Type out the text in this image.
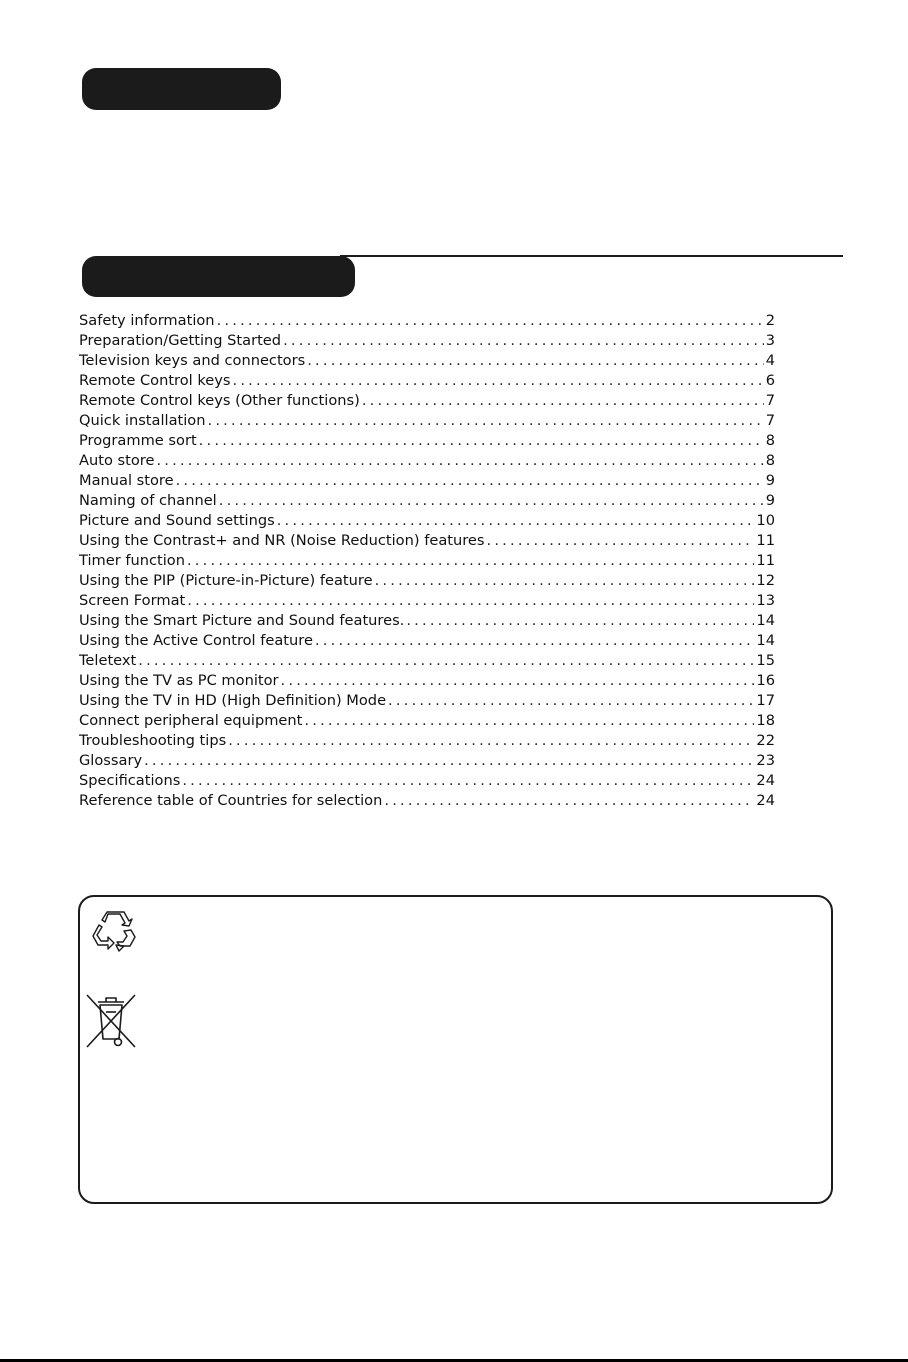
Safety information .....	2
Preparation/Getting Started .....	3
Television keys and connectors .....	4
Remote Control keys .....	6
Remote Control keys (Other functions) .....	7
Quick installation .....	7
Programme sort .....	8
Auto store .....	8
Manual store .....	9
Naming of channel .....	9
Picture and Sound settings .....	10
Using the Contrast+ and NR (Noise Reduction) features .....	11
Timer function .....	11
Using the PIP (Picture-in-Picture) feature .....	12
Screen Format .....	13
Using the Smart Picture and Sound features. .....	14
Using the Active Control feature .....	14
Teletext .....	15
Using the TV as PC monitor .....	16
Using the TV in HD (High Definition) Mode .....	17
Connect peripheral equipment .....	18
Troubleshooting tips .....	22
Glossary .....	23
Specifications .....	24
Reference table of Countries for selection .....	24
